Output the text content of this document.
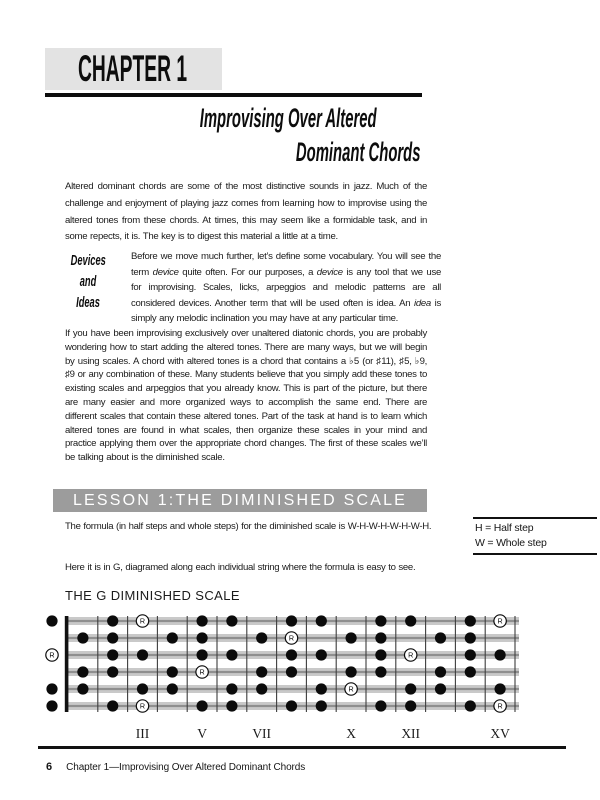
CHAPTER 1
Improvising Over Altered
Dominant Chords

Altered dominant chords are some of the most distinctive sounds in jazz. Much of the challenge and enjoyment of playing jazz comes from learning how to improvise using the altered tones from these chords. At times, this may seem like a formidable task, and in some repects, it is. The key is to digest this material a little at a time.

Devices
and
Ideas

Before we move much further, let’s define some vocabulary. You will see the term device quite often. For our purposes, a device is any tool that we use for improvising. Scales, licks, arpeggios and melodic patterns are all considered devices. Another term that will be used often is idea. An idea is simply any melodic inclination you may have at any particular time.

If you have been improvising exclusively over unaltered diatonic chords, you are probably wondering how to start adding the altered tones. There are many ways, but we will begin by using scales. A chord with altered tones is a chord that contains a ♭5 (or ♯11), ♯5, ♭9, ♯9 or any combination of these. Many students believe that you simply add these tones to existing scales and arpeggios that you already know. This is part of the picture, but there are many easier and more organized ways to accomplish the same end. There are different scales that contain these altered tones. Part of the task at hand is to learn which altered tones are found in what scales, then organize these scales in your mind and practice applying them over the appropriate chord changes. The first of these scales we’ll be talking about is the diminished scale.

LESSON 1:THE DIMINISHED SCALE

The formula (in half steps and whole steps) for the diminished scale is W-H-W-H-W-H-W-H.	H = Half step
W = Whole step

Here it is in G, diagramed along each individual string where the formula is easy to see.

THE G DIMINISHED SCALE
R	R
R
R	R
R
R
R	R
III	V	VII	X	XII	XV
6 Chapter 1—Improvising Over Altered Dominant Chords
